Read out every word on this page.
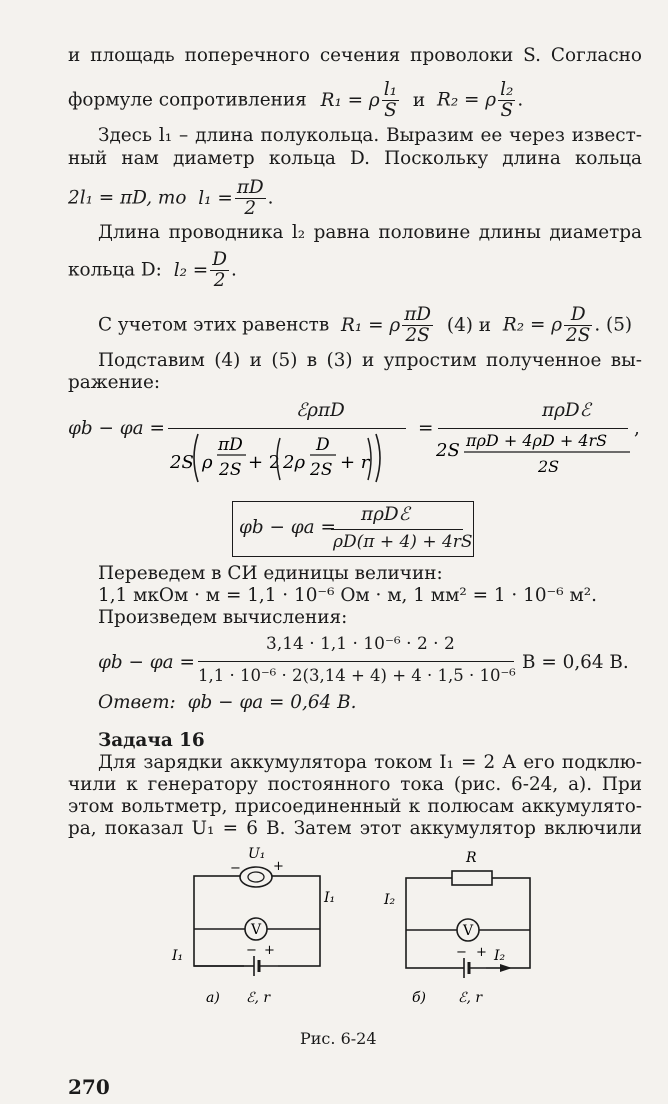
и площадь поперечного сечения проволоки S. Согласно
формуле сопротивления R₁ = ρ $\frac{\text{l₁}}{S}$ и R₂ = ρ $\frac{\text{l₂}}{S}$ .
Здесь l₁ – длина полукольца. Выразим ее через извест-
ный нам диаметр кольца D. Поскольку длина кольца
2l₁ = πD, то $l_1 = \frac{\pi D}{2}$ .
Длина проводника l₂ равна половине длины диаметра
кольца D: $l_2 = \frac{D}{2}$ .
С учетом этих равенств R₁ = ρ $\frac{\pi D}{2S} (4)$ и R₂ = ρ $\frac{D}{2S}$ . (5)
Подставим (4) и (5) в (3) и упростим полученное вы-
ражение:
φb − φa =
ℰρπD
2S ρ
πD
2S + 2 2ρ
D
2S + r
=
πρDℰ
2S πρD + 4ρD + 4rS
2S
,
φb − φa =
πρDℰ
ρD(π + 4) + 4rS
Переведем в СИ единицы величин:
1,1 мкОм · м = 1,1 · 10⁻⁶ Ом · м, 1 мм² = 1 · 10⁻⁶ м².
Произведем вычисления:
φb − φa =
3,14 · 1,1 · 10⁻⁶ · 2 · 2
1,1 · 10⁻⁶ · 2(3,14 + 4) + 4 · 1,5 · 10⁻⁶
В = 0,64 В.
Ответ: φb − φa = 0,64 В.
Задача 16
Для зарядки аккумулятора током I₁ = 2 А его подклю-
чили к генератору постоянного тока (рис. 6-24, a). При
этом вольтметр, присоединенный к полюсам аккумулято-
ра, показал U₁ = 6 В. Затем этот аккумулятор включили
V
U₁
− +
I₁
I₁	− +
a) ℰ, r
V
R
I₂
− + I₂
б) ℰ, r
Рис. 6-24
270
